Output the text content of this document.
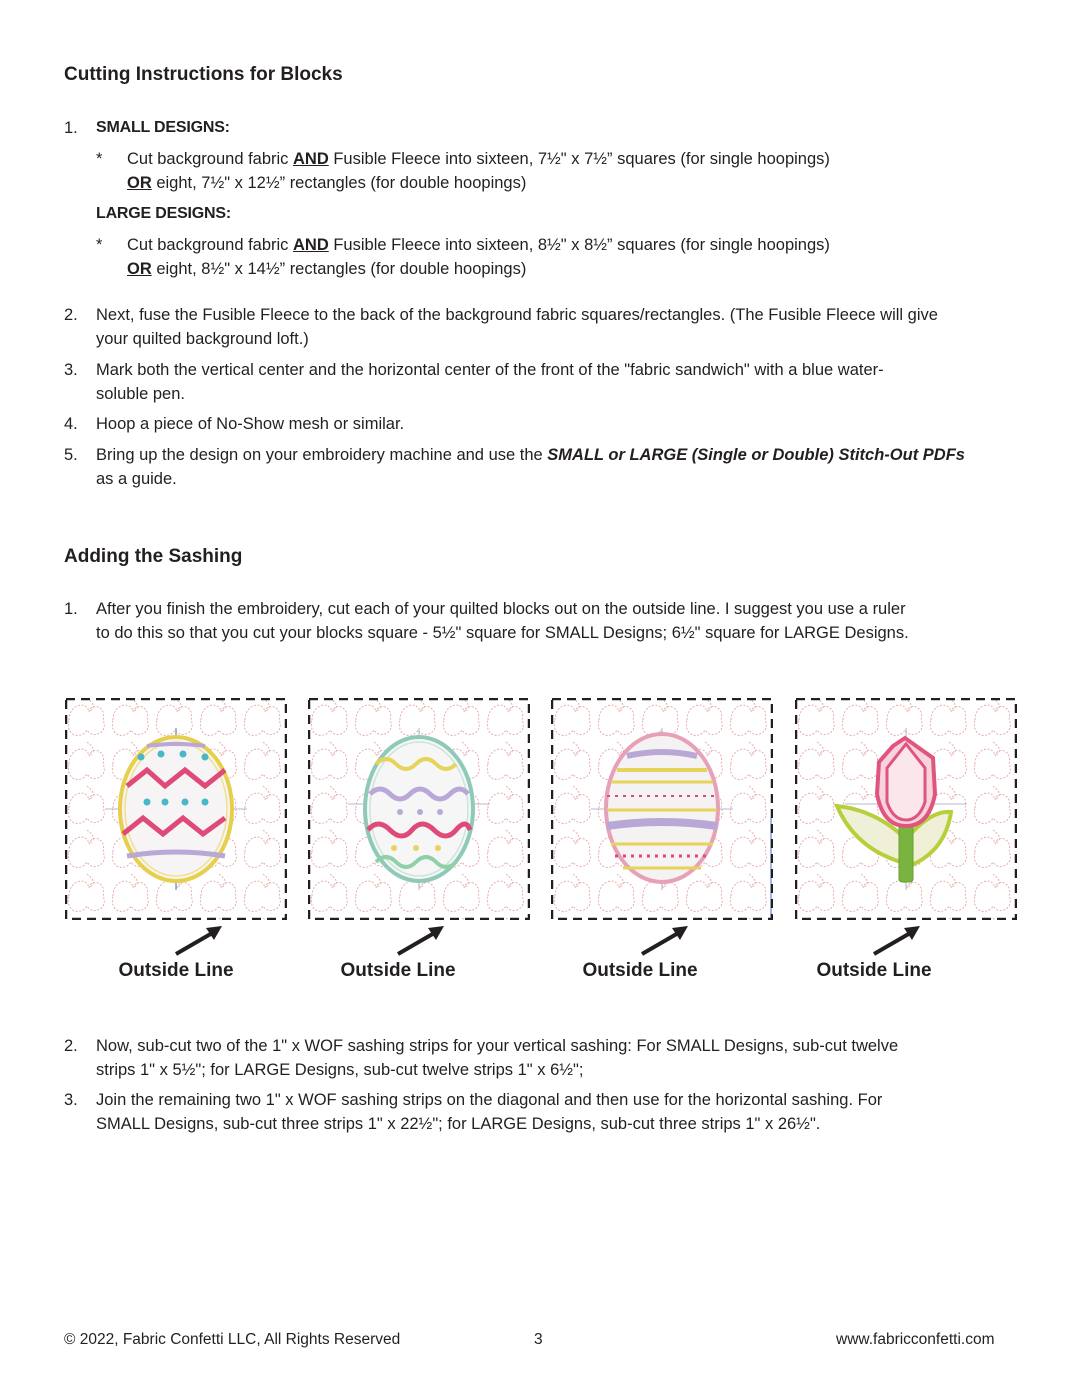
Cutting Instructions for Blocks
1.	SMALL DESIGNS:
* Cut background fabric AND Fusible Fleece into sixteen, 7½" x 7½” squares (for single hoopings)
OR eight, 7½" x 12½” rectangles (for double hoopings)
LARGE DESIGNS:
* Cut background fabric AND Fusible Fleece into sixteen, 8½" x 8½” squares (for single hoopings)
OR eight, 8½" x 14½” rectangles (for double hoopings)
2.	Next, fuse the Fusible Fleece to the back of the background fabric squares/rectangles. (The Fusible Fleece will give
your quilted background loft.)
3.	Mark both the vertical center and the horizontal center of the front of the "fabric sandwich" with a blue water-
soluble pen.
4.	Hoop a piece of No-Show mesh or similar.
5.	Bring up the design on your embroidery machine and use the SMALL or LARGE (Single or Double) Stitch-Out PDFs
as a guide.
Adding the Sashing
1.	After you finish the embroidery, cut each of your quilted blocks out on the outside line. I suggest you use a ruler
to do this so that you cut your blocks square - 5½" square for SMALL Designs; 6½" square for LARGE Designs.
Outside Line	Outside Line	Outside Line	Outside Line
2.	Now, sub-cut two of the 1" x WOF sashing strips for your vertical sashing: For SMALL Designs, sub-cut twelve
strips 1" x 5½"; for LARGE Designs, sub-cut twelve strips 1" x 6½";
3.	Join the remaining two 1" x WOF sashing strips on the diagonal and then use for the horizontal sashing. For
SMALL Designs, sub-cut three strips 1" x 22½"; for LARGE Designs, sub-cut three strips 1" x 26½".
© 2022, Fabric Confetti LLC, All Rights Reserved	3	www.fabricconfetti.com
